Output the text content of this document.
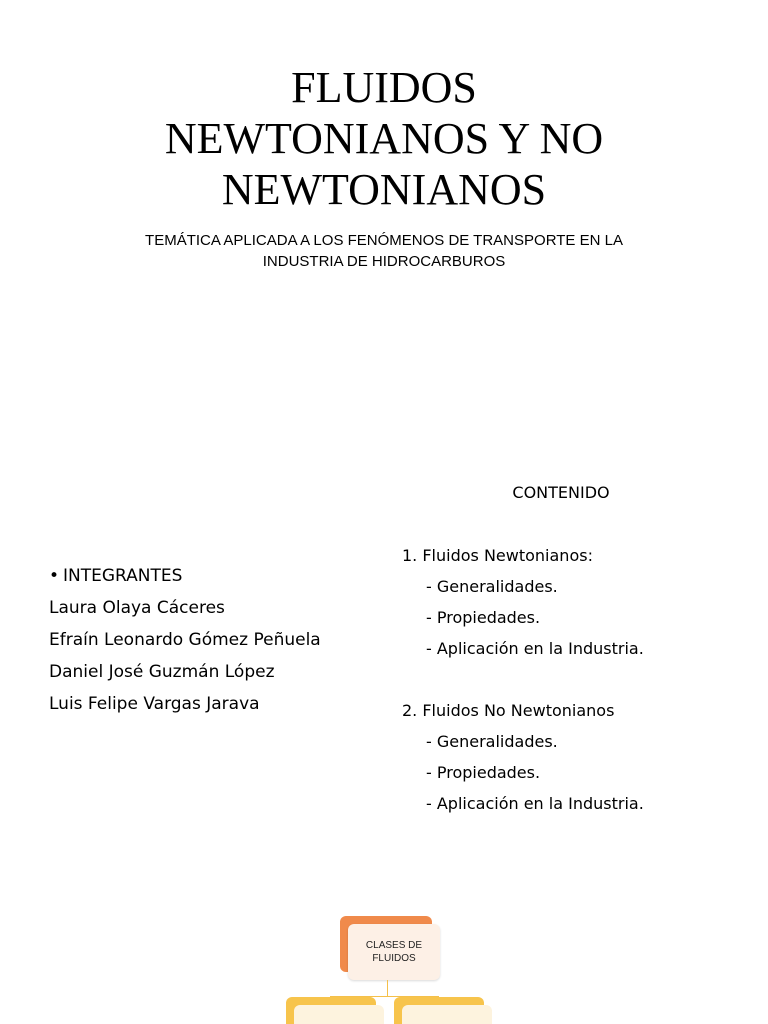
FLUIDOS
NEWTONIANOS Y NO
NEWTONIANOS

TEMÁTICA APLICADA A LOS FENÓMENOS DE TRANSPORTE EN LA
INDUSTRIA DE HIDROCARBUROS

CONTENIDO
• INTEGRANTES
Laura Olaya Cáceres
Efraín Leonardo Gómez Peñuela
Daniel José Guzmán López
Luis Felipe Vargas Jarava
1. Fluidos Newtonianos:
- Generalidades.
- Propiedades.
- Aplicación en la Industria.
2. Fluidos No Newtonianos
- Generalidades.
- Propiedades.
- Aplicación en la Industria.
CLASES DE
FLUIDOS
